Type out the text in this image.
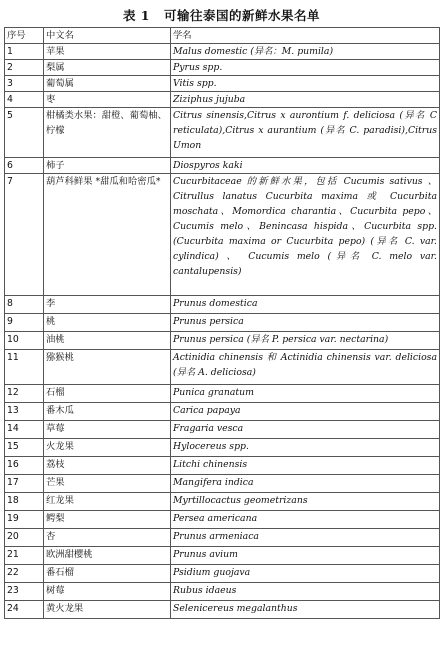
表 1 可输往泰国的新鲜水果名单
序号	中文名	学名
1	苹果	Malus domestic (异名：M. pumila)
2	梨属	Pyrus spp.
3	葡萄属	Vitis spp.
4	枣	Ziziphus jujuba
5	柑橘类水果：甜橙、葡萄柚、柠檬	Citrus sinensis,Citrus x aurontium f. deliciosa (异名 C reticulata),Citrus x aurantium (异名 C. paradisi),Citrus Umon
6	柿子	Diospyros kaki
7	葫芦科鲜果 *甜瓜和哈密瓜*	Cucurbitaceae 的新鲜水果，包括 Cucumis sativus 、Citrullus lanatus Cucurbita maxima 或 Cucurbita moschata、Momordica charantia、Cucurbita pepo、Cucumis melo、Benincasa hispida、Cucurbita spp. (Cucurbita maxima or Cucurbita pepo) (异名 C. var. cylindica) 、 Cucumis melo (异名 C. melo var. cantalupensis)
8	李	Prunus domestica
9	桃	Prunus persica
10	油桃	Prunus persica (异名 P. persica var. nectarina)
11	猕猴桃	Actinidia chinensis 和 Actinidia chinensis var. deliciosa (异名 A. deliciosa)
12	石榴	Punica granatum
13	番木瓜	Carica papaya
14	草莓	Fragaria vesca
15	火龙果	Hylocereus spp.
16	荔枝	Litchi chinensis
17	芒果	Mangifera indica
18	红龙果	Myrtillocactus geometrizans
19	鳄梨	Persea americana
20	杏	Prunus armeniaca
21	欧洲甜樱桃	Prunus avium
22	番石榴	Psidium guojava
23	树莓	Rubus idaeus
24	黄火龙果	Selenicereus megalanthus
